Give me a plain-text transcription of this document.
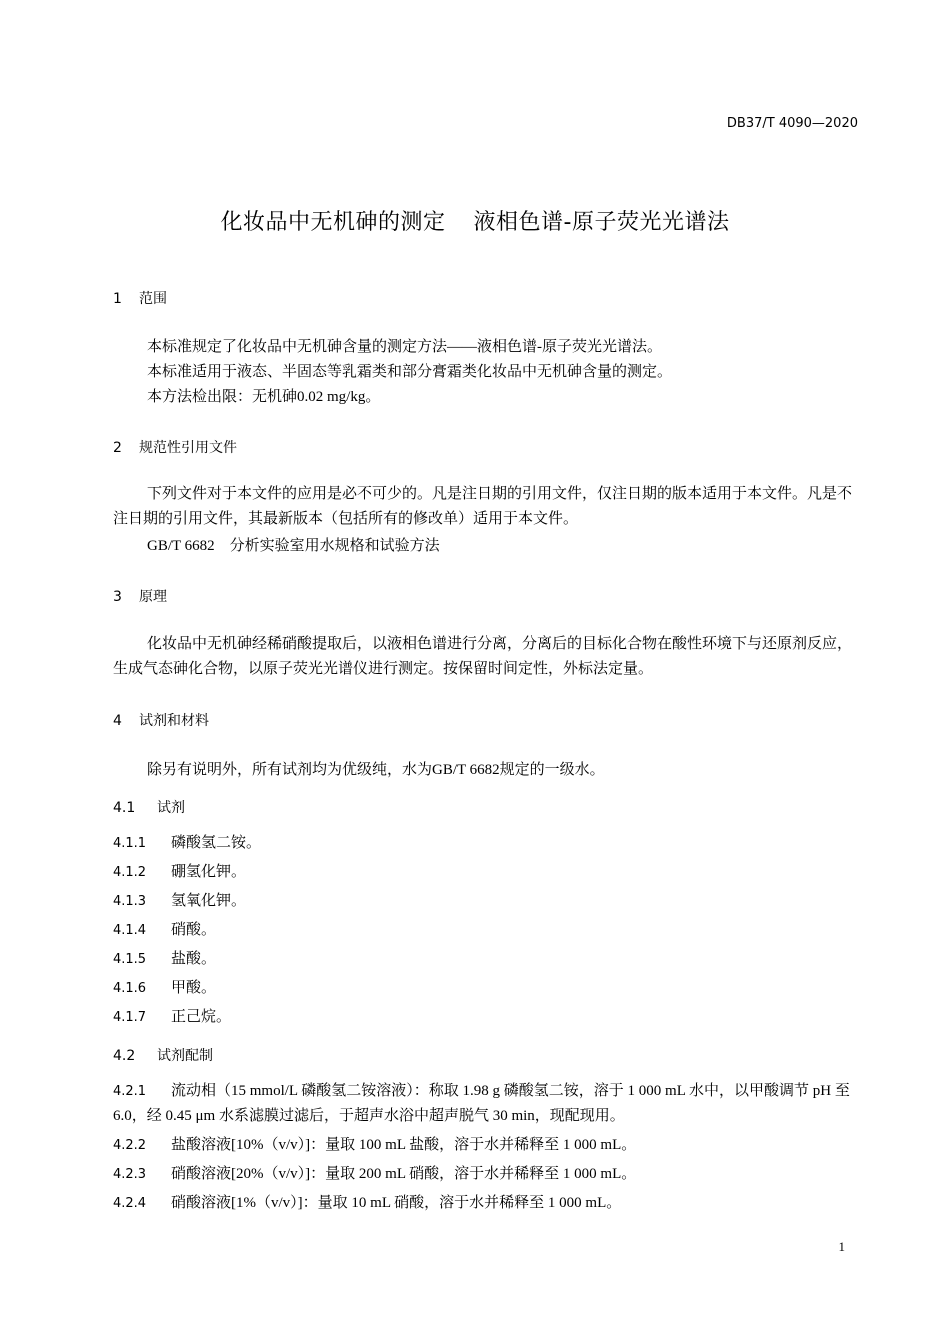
DB37/T 4090—2020
化妆品中无机砷的测定 液相色谱-原子荧光光谱法
1 范围
本标准规定了化妆品中无机砷含量的测定方法——液相色谱-原子荧光光谱法。
本标准适用于液态、半固态等乳霜类和部分膏霜类化妆品中无机砷含量的测定。
本方法检出限：无机砷0.02 mg/kg。
2 规范性引用文件

下列文件对于本文件的应用是必不可少的。凡是注日期的引用文件，仅注日期的版本适用于本文件。凡是不注日期的引用文件，其最新版本（包括所有的修改单）适用于本文件。

GB/T 6682　分析实验室用水规格和试验方法
3 原理

化妆品中无机砷经稀硝酸提取后，以液相色谱进行分离，分离后的目标化合物在酸性环境下与还原剂反应，生成气态砷化合物，以原子荧光光谱仪进行测定。按保留时间定性，外标法定量。

4 试剂和材料
除另有说明外，所有试剂均为优级纯，水为GB/T 6682规定的一级水。
4.1 试剂

4.1.1 磷酸氢二铵。

4.1.2 硼氢化钾。

4.1.3 氢氧化钾。

4.1.4 硝酸。

4.1.5 盐酸。

4.1.6 甲酸。

4.1.7 正己烷。

4.2 试剂配制

4.2.1 流动相（15 mmol/L 磷酸氢二铵溶液）：称取 1.98 g 磷酸氢二铵，溶于 1 000 mL 水中，以甲酸调节 pH 至 6.0，经 0.45 μm 水系滤膜过滤后，于超声水浴中超声脱气 30 min，现配现用。

4.2.2 盐酸溶液[10%（v/v）]：量取 100 mL 盐酸，溶于水并稀释至 1 000 mL。

4.2.3 硝酸溶液[20%（v/v）]：量取 200 mL 硝酸，溶于水并稀释至 1 000 mL。

4.2.4 硝酸溶液[1%（v/v）]：量取 10 mL 硝酸，溶于水并稀释至 1 000 mL。

1
